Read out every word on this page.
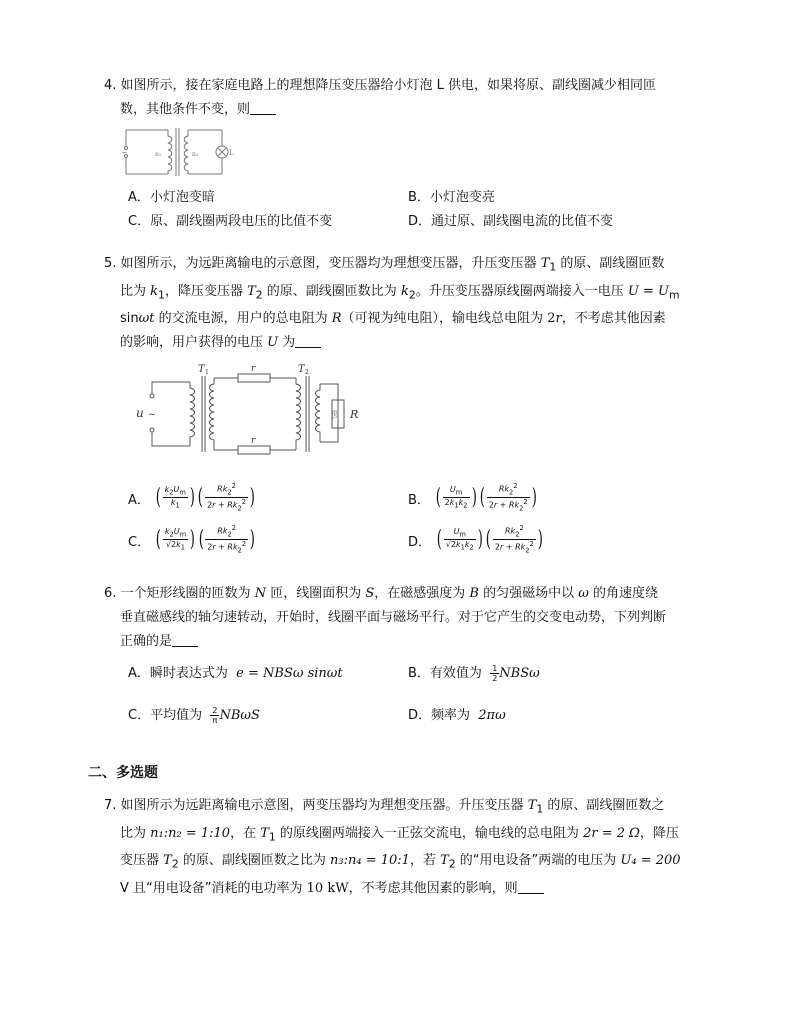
4. 如图所示，接在家庭电路上的理想降压变压器给小灯泡 L 供电，如果将原、副线圈减少相同匝
数，其他条件不变，则
~	n₁	n₂	L
A．小灯泡变暗	B．小灯泡变亮
C．原、副线圈两段电压的比值不变	D．通过原、副线圈电流的比值不变
5. 如图所示，为远距离输电的示意图，变压器均为理想变压器，升压变压器 $T_1$ 的原、副线圈匝数
比为 $k_1$，降压变压器 $T_2$ 的原、副线圈匝数比为 $k_2$。升压变压器原线圈两端接入一电压 $U = U_m$
sinωt 的交流电源，用户的总电阻为 R（可视为纯电阻），输电线总电阻为 2r，不考虑其他因素
的影响，用户获得的电压 U 为
u ~
T 1	T 2
r
r
R
用户
A． ( $\frac{k_2U_m}{k_1}$ ) ( $\frac{Rk_2^2}{2r + Rk_2^2}$ )	B． ( $\frac{U_m}{2k_1k_2}$ ) ( $\frac{Rk_2^2}{2r + Rk_2^2}$ )
C． ( $\frac{k_2U_m}{√2k_1}$ ) ( $\frac{Rk_2^2}{2r + Rk_2^2}$ )	D． ( $\frac{U_m}{√2k_1k_2}$ ) ( $\frac{Rk_2^2}{2r + Rk_2^2}$ )
6. 一个矩形线圈的匝数为 N 匝，线圈面积为 S，在磁感强度为 B 的匀强磁场中以 ω 的角速度绕
垂直磁感线的轴匀速转动，开始时，线圈平面与磁场平行。对于它产生的交变电动势，下列判断
正确的是
A．瞬时表达式为 e = NBSω sinωt	B．有效值为 $\frac{1}{2}$ NBSω
C．平均值为 $\frac{2}{\pi}$ NBωS	D．频率为 2πω
二、多选题
7. 如图所示为远距离输电示意图，两变压器均为理想变压器。升压变压器 $T_1$ 的原、副线圈匝数之
比为 n₁:n₂ = 1:10，在 $T_1$ 的原线圈两端接入一正弦交流电，输电线的总电阻为 2r = 2 Ω，降压
变压器 $T_2$ 的原、副线圈匝数之比为 n₃:n₄ = 10:1，若 $T_2$ 的“用电设备”两端的电压为 U₄ = 200
V 且“用电设备”消耗的电功率为 10 kW，不考虑其他因素的影响，则
